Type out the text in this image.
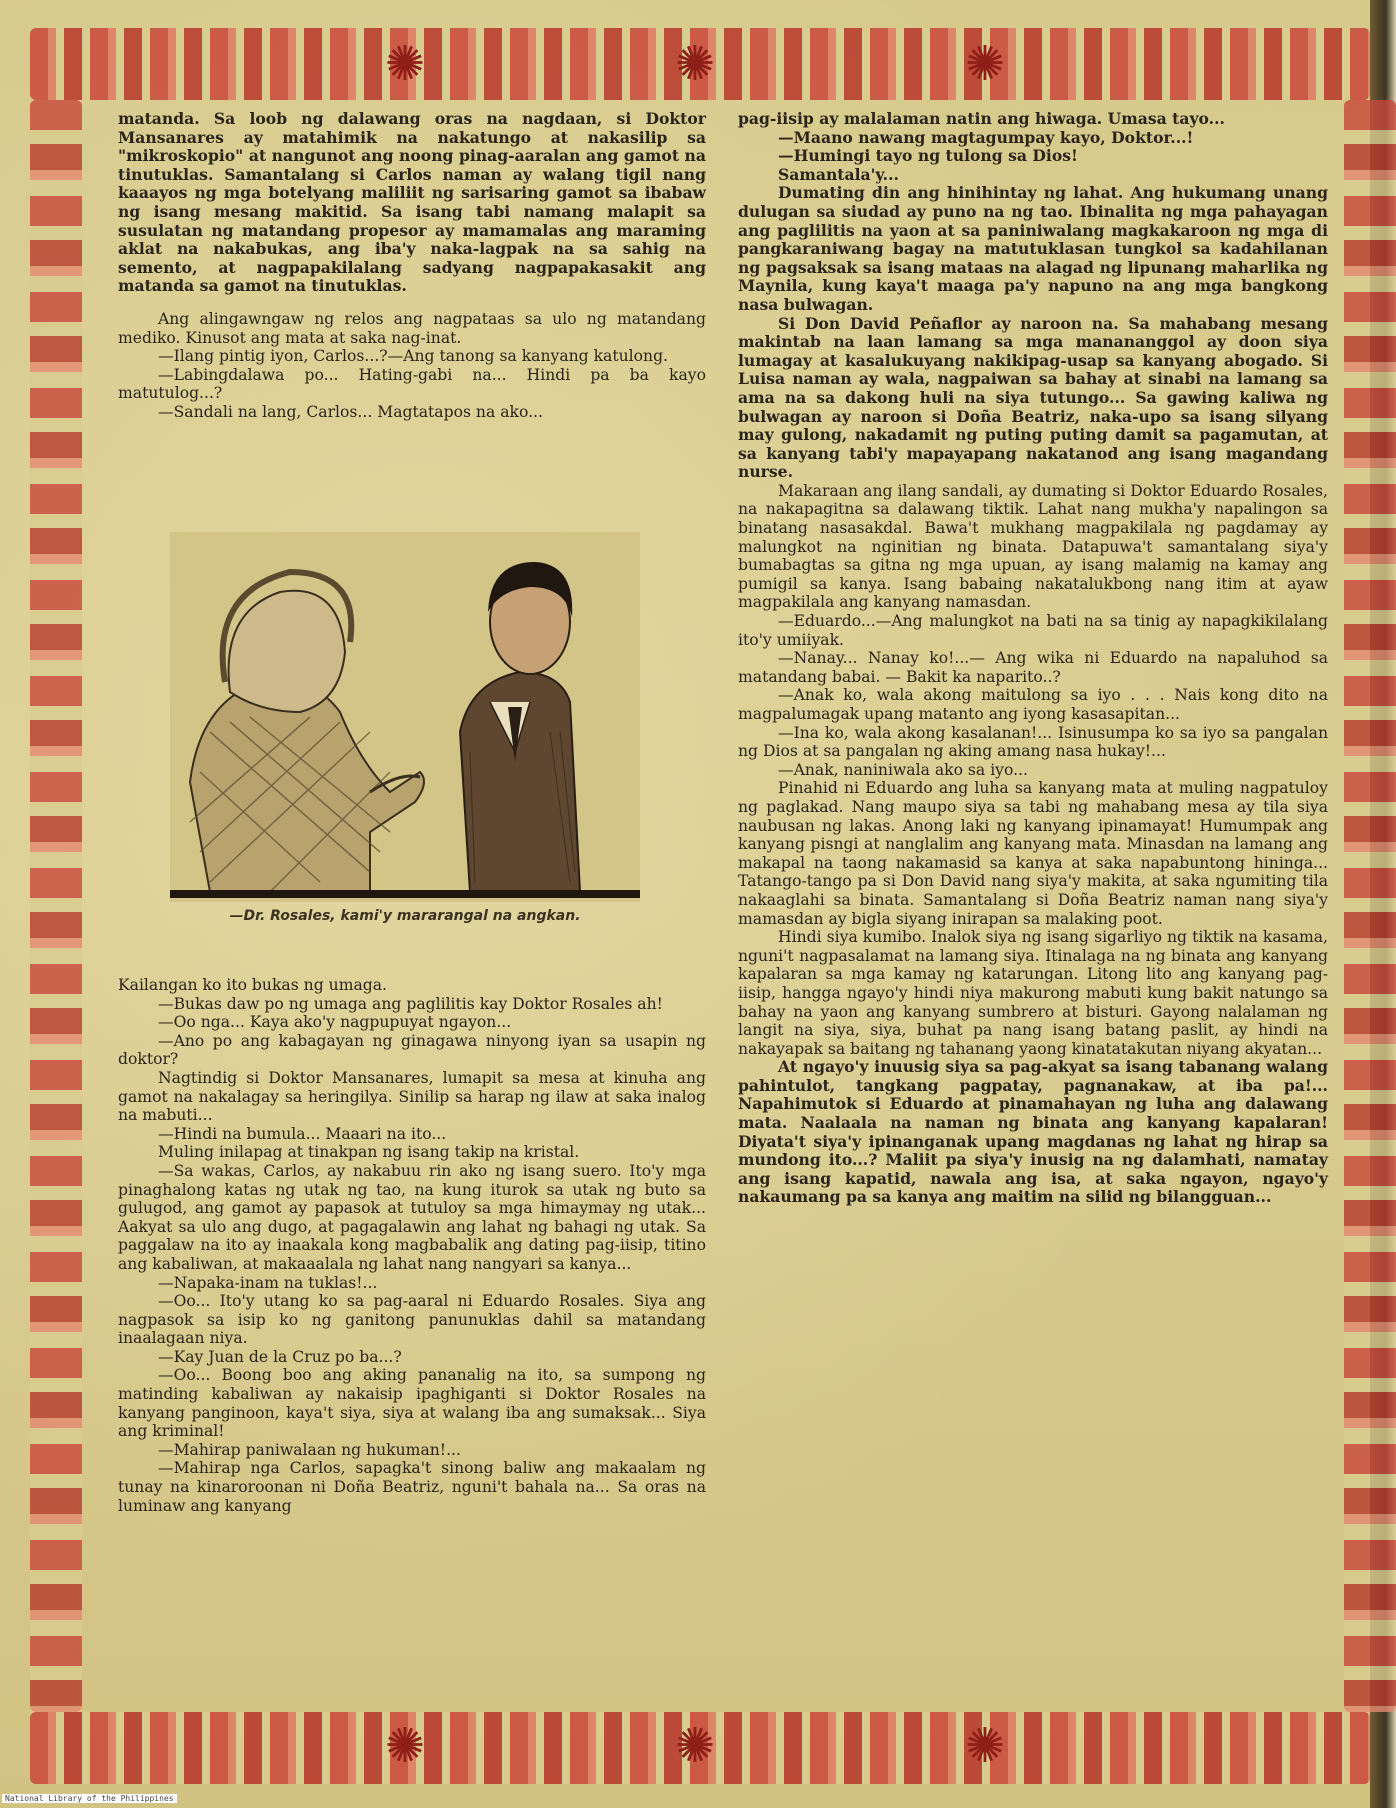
✺	✺	✺
✺	✺	✺

matanda. Sa loob ng dalawang oras na nagdaan, si Doktor Mansanares ay matahimik na nakatungo at nakasilip sa "mikroskopio" at nangunot ang noong pinag-aaralan ang gamot na tinutuklas. Samantalang si Carlos naman ay walang tigil nang kaaayos ng mga botelyang maliliit ng sarisaring gamot sa ibabaw ng isang mesang makitid. Sa isang tabi namang malapit sa susulatan ng matandang propesor ay mamamalas ang maraming aklat na nakabukas, ang iba'y naka-lagpak na sa sahig na semento, at nagpapakilalang sadyang nagpapakasakit ang matanda sa gamot na tinutuklas.

Ang alingawngaw ng relos ang nagpataas sa ulo ng matandang mediko. Kinusot ang mata at saka nag-inat.

—Ilang pintig iyon, Carlos...?—Ang tanong sa kanyang katulong.

—Labingdalawa po... Hating-gabi na... Hindi pa ba kayo matutulog...?

—Sandali na lang, Carlos... Magtatapos na ako...

—Dr. Rosales, kami'y mararangal na angkan.

Kailangan ko ito bukas ng umaga.

—Bukas daw po ng umaga ang paglilitis kay Doktor Rosales ah!

—Oo nga... Kaya ako'y nagpupuyat ngayon...

—Ano po ang kabagayan ng ginagawa ninyong iyan sa usapin ng doktor?

Nagtindig si Doktor Mansanares, lumapit sa mesa at kinuha ang gamot na nakalagay sa heringilya. Sinilip sa harap ng ilaw at saka inalog na mabuti...

—Hindi na bumula... Maaari na ito...

Muling inilapag at tinakpan ng isang takip na kristal.

—Sa wakas, Carlos, ay nakabuu rin ako ng isang suero. Ito'y mga pinaghalong katas ng utak ng tao, na kung iturok sa utak ng buto sa gulugod, ang gamot ay papasok at tutuloy sa mga himaymay ng utak... Aakyat sa ulo ang dugo, at pagagalawin ang lahat ng bahagi ng utak. Sa paggalaw na ito ay inaakala kong magbabalik ang dating pag-iisip, titino ang kabaliwan, at makaaalala ng lahat nang nangyari sa kanya...

—Napaka-inam na tuklas!...

—Oo... Ito'y utang ko sa pag-aaral ni Eduardo Rosales. Siya ang nagpasok sa isip ko ng ganitong panunuklas dahil sa matandang inaalagaan niya.

—Kay Juan de la Cruz po ba...?

—Oo... Boong boo ang aking pananalig na ito, sa sumpong ng matinding kabaliwan ay nakaisip ipaghiganti si Doktor Rosales na kanyang panginoon, kaya't siya, siya at walang iba ang sumaksak... Siya ang kriminal!

—Mahirap paniwalaan ng hukuman!...

—Mahirap nga Carlos, sapagka't sinong baliw ang makaalam ng tunay na kinaroroonan ni Doña Beatriz, nguni't bahala na... Sa oras na luminaw ang kanyang

pag-iisip ay malalaman natin ang hiwaga. Umasa tayo...

—Maano nawang magtagumpay kayo, Doktor...!

—Humingi tayo ng tulong sa Dios!

Samantala'y...

Dumating din ang hinihintay ng lahat. Ang hukumang unang dulugan sa siudad ay puno na ng tao. Ibinalita ng mga pahayagan ang paglilitis na yaon at sa paniniwalang magkakaroon ng mga di pangkaraniwang bagay na matutuklasan tungkol sa kadahilanan ng pagsaksak sa isang mataas na alagad ng lipunang maharlika ng Maynila, kung kaya't maaga pa'y napuno na ang mga bangkong nasa bulwagan.

Si Don David Peñaflor ay naroon na. Sa mahabang mesang makintab na laan lamang sa mga manananggol ay doon siya lumagay at kasalukuyang nakikipag-usap sa kanyang abogado. Si Luisa naman ay wala, nagpaiwan sa bahay at sinabi na lamang sa ama na sa dakong huli na siya tutungo... Sa gawing kaliwa ng bulwagan ay naroon si Doña Beatriz, naka-upo sa isang silyang may gulong, nakadamit ng puting puting damit sa pagamutan, at sa kanyang tabi'y mapayapang nakatanod ang isang magandang nurse.

Makaraan ang ilang sandali, ay dumating si Doktor Eduardo Rosales, na nakapagitna sa dalawang tiktik. Lahat nang mukha'y napalingon sa binatang nasasakdal. Bawa't mukhang magpakilala ng pagdamay ay malungkot na nginitian ng binata. Datapuwa't samantalang siya'y bumabagtas sa gitna ng mga upuan, ay isang malamig na kamay ang pumigil sa kanya. Isang babaing nakatalukbong nang itim at ayaw magpakilala ang kanyang namasdan.

—Eduardo...—Ang malungkot na bati na sa tinig ay napagkikilalang ito'y umiiyak.

—Nanay... Nanay ko!...— Ang wika ni Eduardo na napaluhod sa matandang babai. — Bakit ka naparito..?

—Anak ko, wala akong maitulong sa iyo . . . Nais kong dito na magpalumagak upang matanto ang iyong kasasapitan...

—Ina ko, wala akong kasalanan!... Isinusumpa ko sa iyo sa pangalan ng Dios at sa pangalan ng aking amang nasa hukay!...

—Anak, naniniwala ako sa iyo...

Pinahid ni Eduardo ang luha sa kanyang mata at muling nagpatuloy ng paglakad. Nang maupo siya sa tabi ng mahabang mesa ay tila siya naubusan ng lakas. Anong laki ng kanyang ipinamayat! Humumpak ang kanyang pisngi at nanglalim ang kanyang mata. Minasdan na lamang ang makapal na taong nakamasid sa kanya at saka napabuntong hininga... Tatango-tango pa si Don David nang siya'y makita, at saka ngumiting tila nakaaglahi sa binata. Samantalang si Doña Beatriz naman nang siya'y mamasdan ay bigla siyang inirapan sa malaking poot.

Hindi siya kumibo. Inalok siya ng isang sigarliyo ng tiktik na kasama, nguni't nagpasalamat na lamang siya. Itinalaga na ng binata ang kanyang kapalaran sa mga kamay ng katarungan. Litong lito ang kanyang pag-iisip, hangga ngayo'y hindi niya makurong mabuti kung bakit natungo sa bahay na yaon ang kanyang sumbrero at bisturi. Gayong nalalaman ng langit na siya, siya, buhat pa nang isang batang paslit, ay hindi na nakayapak sa baitang ng tahanang yaong kinatatakutan niyang akyatan...

At ngayo'y inuusig siya sa pag-akyat sa isang tabanang walang pahintulot, tangkang pagpatay, pagnanakaw, at iba pa!... Napahimutok si Eduardo at pinamahayan ng luha ang dalawang mata. Naalaala na naman ng binata ang kanyang kapalaran! Diyata't siya'y ipinanganak upang magdanas ng lahat ng hirap sa mundong ito...? Maliit pa siya'y inusig na ng dalamhati, namatay ang isang kapatid, nawala ang isa, at saka ngayon, ngayo'y nakaumang pa sa kanya ang maitim na silid ng bilangguan...

National Library of the Philippines
